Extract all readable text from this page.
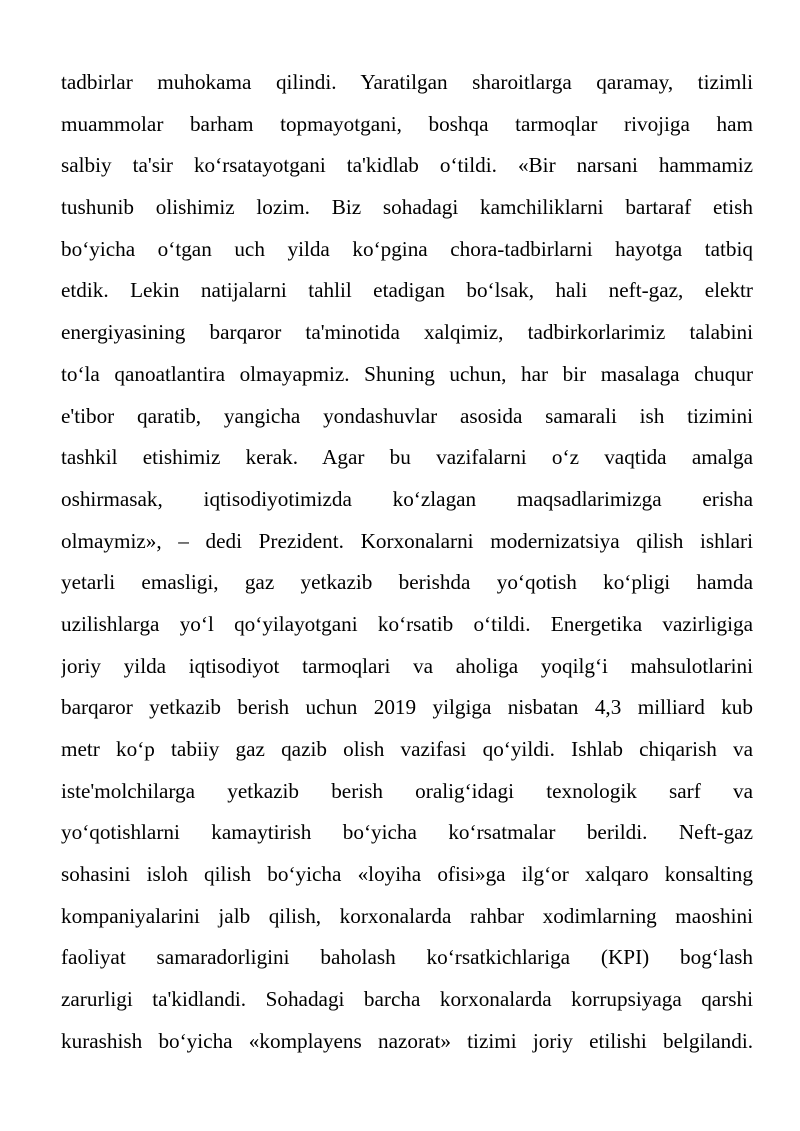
tadbirlar muhokama qilindi. Yaratilgan sharoitlarga qaramay, tizimli
muammolar barham topmayotgani, boshqa tarmoqlar rivojiga ham
salbiy ta'sir ko‘rsatayotgani ta'kidlab o‘tildi. «Bir narsani hammamiz
tushunib olishimiz lozim. Biz sohadagi kamchiliklarni bartaraf etish
bo‘yicha o‘tgan uch yilda ko‘pgina chora-tadbirlarni hayotga tatbiq
etdik. Lekin natijalarni tahlil etadigan bo‘lsak, hali neft-gaz, elektr
energiyasining barqaror ta'minotida xalqimiz, tadbirkorlarimiz talabini
to‘la qanoatlantira olmayapmiz. Shuning uchun, har bir masalaga chuqur
e'tibor qaratib, yangicha yondashuvlar asosida samarali ish tizimini
tashkil etishimiz kerak. Agar bu vazifalarni o‘z vaqtida amalga
oshirmasak, iqtisodiyotimizda ko‘zlagan maqsadlarimizga erisha
olmaymiz», – dedi Prezident. Korxonalarni modernizatsiya qilish ishlari
yetarli emasligi, gaz yetkazib berishda yo‘qotish ko‘pligi hamda
uzilishlarga yo‘l qo‘yilayotgani ko‘rsatib o‘tildi. Energetika vazirligiga
joriy yilda iqtisodiyot tarmoqlari va aholiga yoqilg‘i mahsulotlarini
barqaror yetkazib berish uchun 2019 yilgiga nisbatan 4,3 milliard kub
metr ko‘p tabiiy gaz qazib olish vazifasi qo‘yildi. Ishlab chiqarish va
iste'molchilarga yetkazib berish oralig‘idagi texnologik sarf va
yo‘qotishlarni kamaytirish bo‘yicha ko‘rsatmalar berildi. Neft-gaz
sohasini isloh qilish bo‘yicha «loyiha ofisi»ga ilg‘or xalqaro konsalting
kompaniyalarini jalb qilish, korxonalarda rahbar xodimlarning maoshini
faoliyat samaradorligini baholash ko‘rsatkichlariga (KPI) bog‘lash
zarurligi ta'kidlandi. Sohadagi barcha korxonalarda korrupsiyaga qarshi
kurashish bo‘yicha «komplayens nazorat» tizimi joriy etilishi belgilandi.
